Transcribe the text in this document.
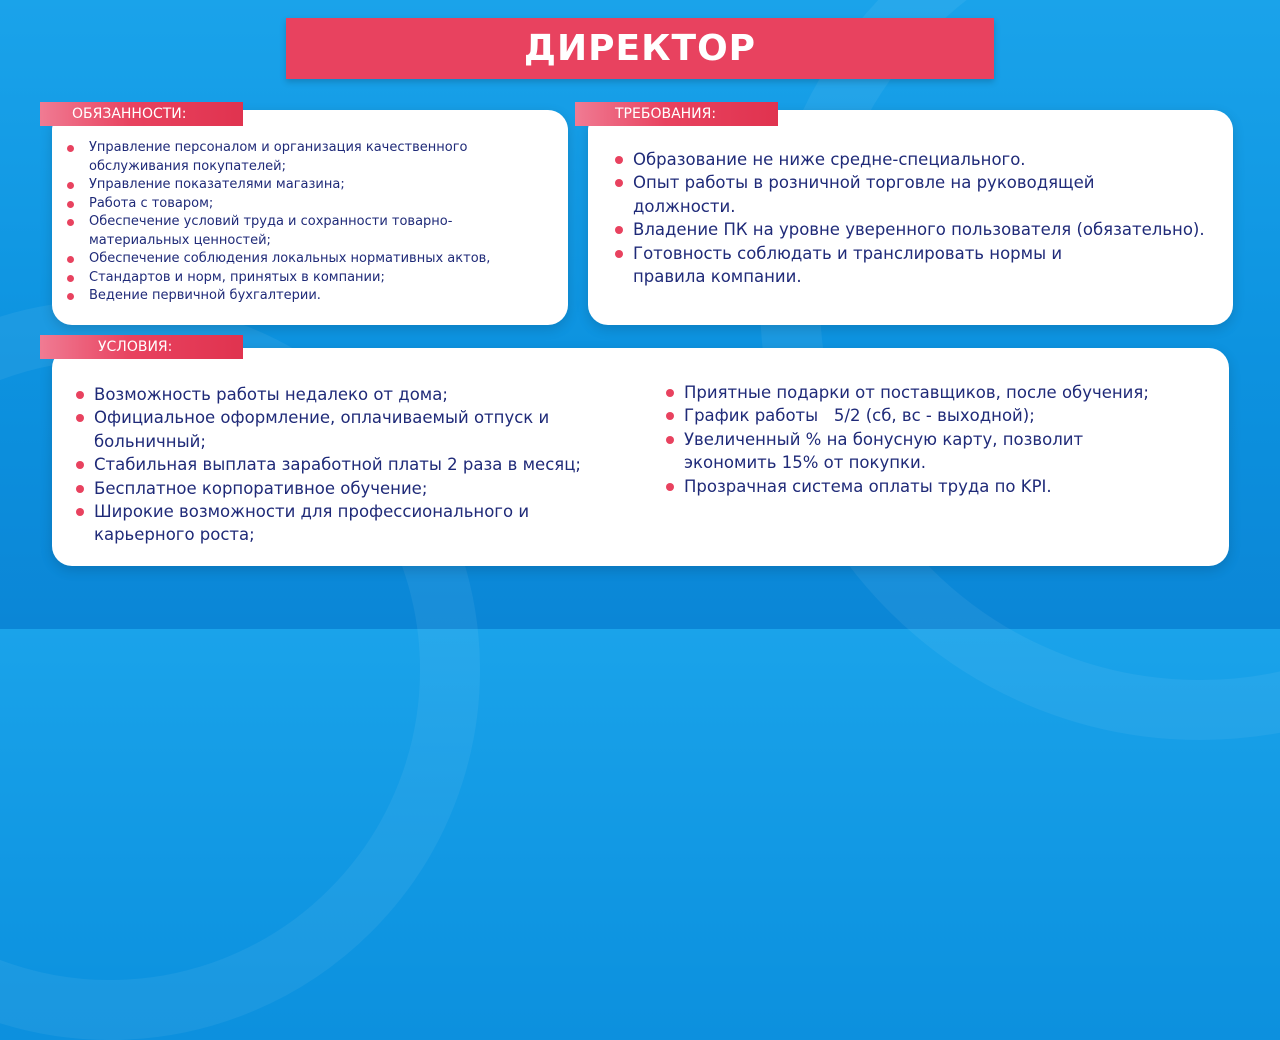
ДИРЕКТОР
Управление персоналом и организация качественного обслуживания покупателей;
Управление показателями магазина;
Работа с товаром;
Обеспечение условий труда и сохранности товарно-материальных ценностей;
Обеспечение соблюдения локальных нормативных актов,
Стандартов и норм, принятых в компании;
Ведение первичной бухгалтерии.
ОБЯЗАННОСТИ:
Образование не ниже средне-специального.
Опыт работы в розничной торговле на руководящей должности.
Владение ПК на уровне уверенного пользователя (обязательно).
Готовность соблюдать и транслировать нормы и правила компании.
ТРЕБОВАНИЯ:
Возможность работы недалеко от дома;
Официальное оформление, оплачиваемый отпуск и больничный;
Стабильная выплата заработной платы 2 раза в месяц;
Бесплатное корпоративное обучение;
Широкие возможности для профессионального и карьерного роста;
Приятные подарки от поставщиков, после обучения;
График работы   5/2 (сб, вс - выходной);
Увеличенный % на бонусную карту, позволит экономить 15% от покупки.
Прозрачная система оплаты труда по KPI.
УСЛОВИЯ:
